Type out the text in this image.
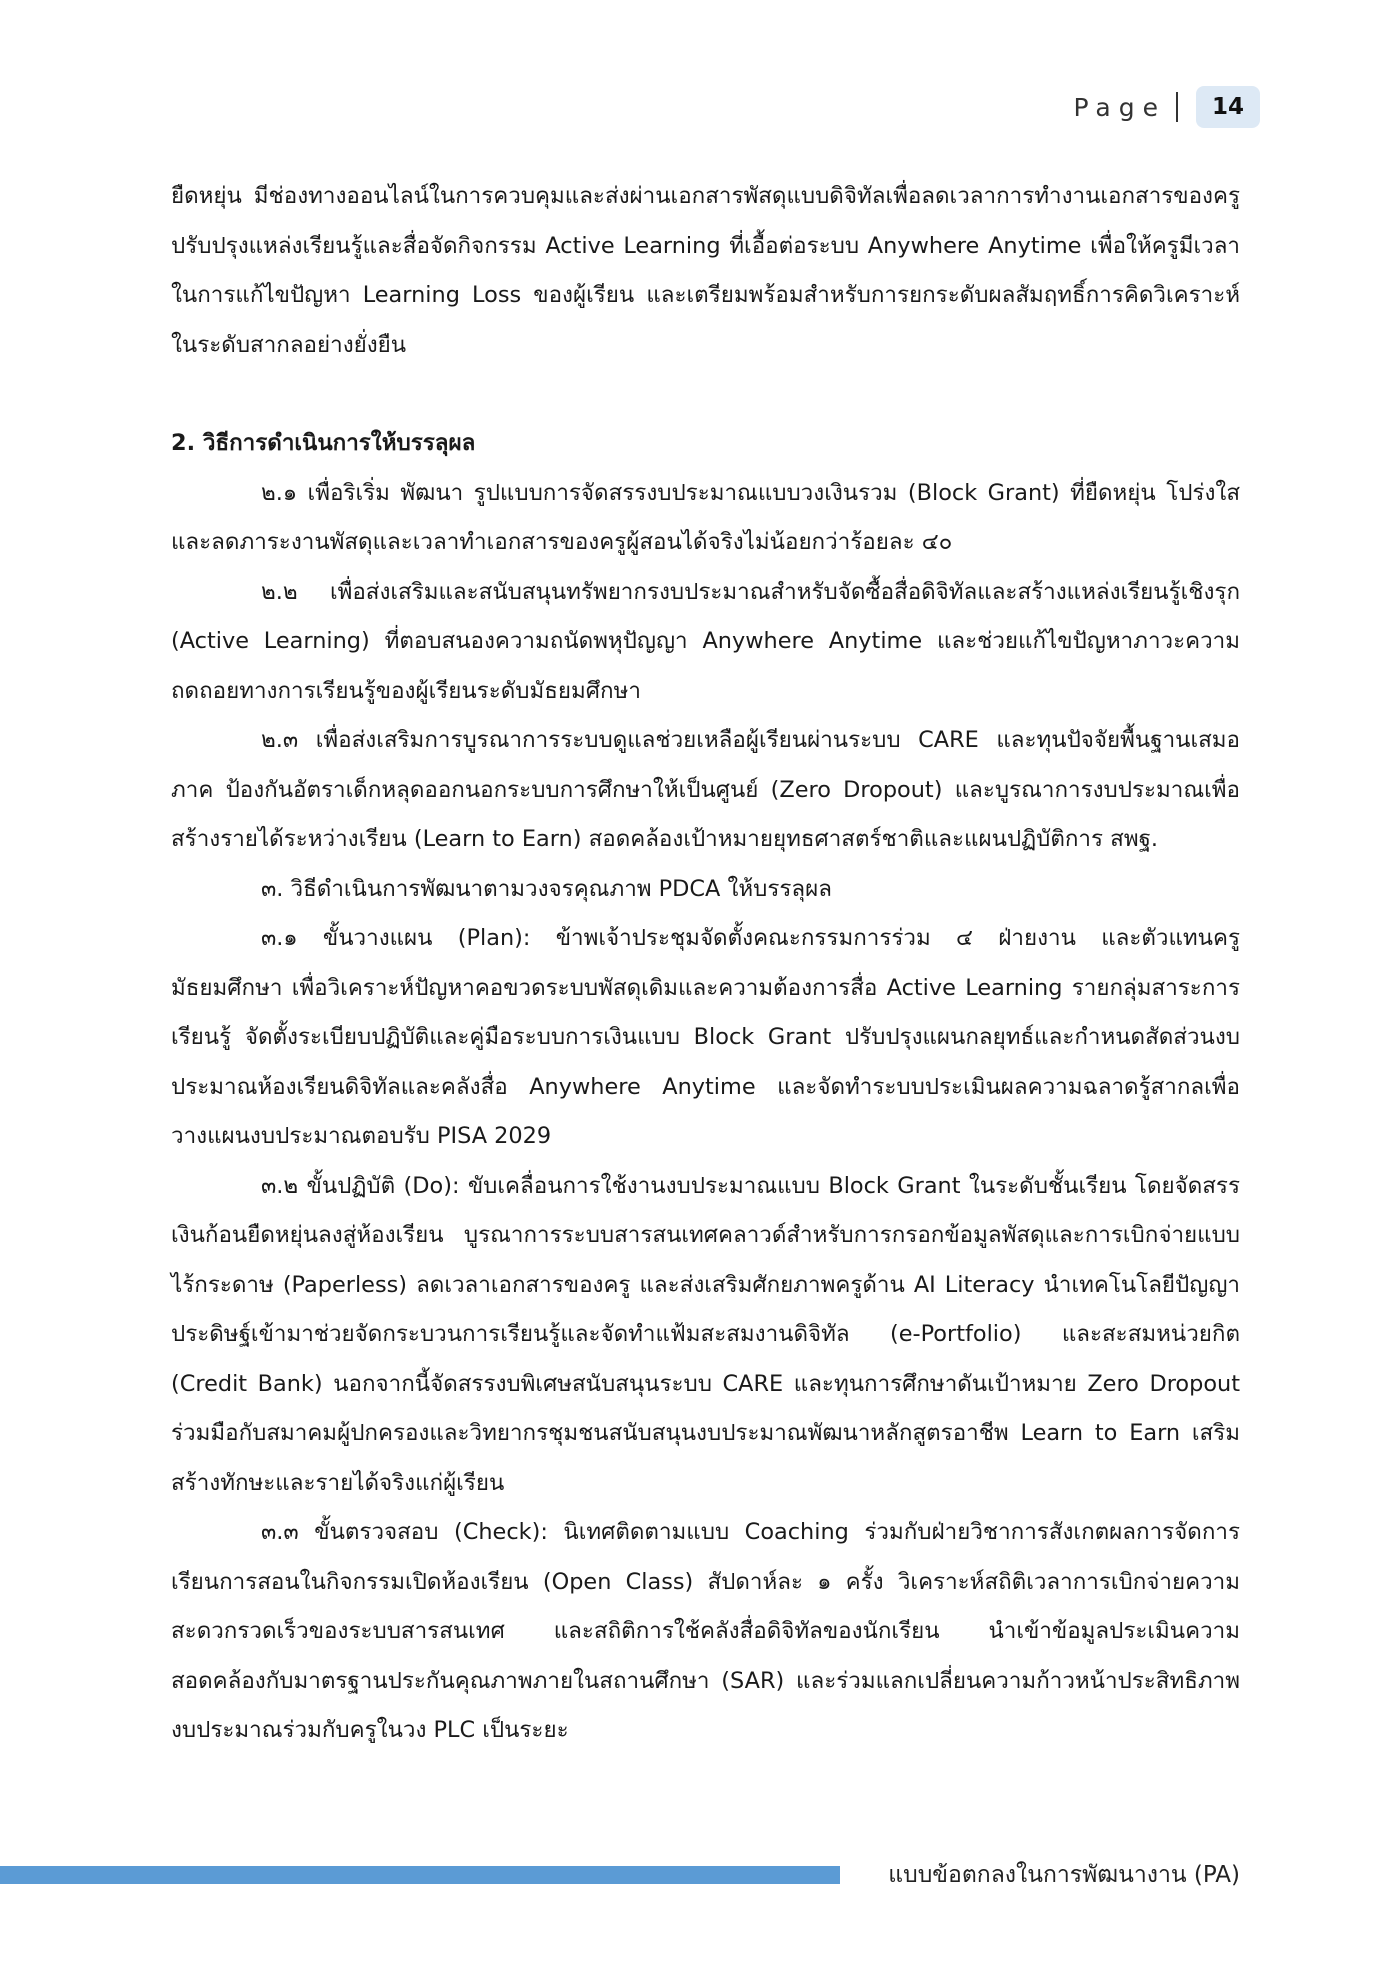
Page	14

ยืดหยุ่น มีช่องทางออนไลน์ในการควบคุมและส่งผ่านเอกสารพัสดุแบบดิจิทัลเพื่อลดเวลาการทำงานเอกสารของครู ปรับปรุงแหล่งเรียนรู้และสื่อจัดกิจกรรม Active Learning ที่เอื้อต่อระบบ Anywhere Anytime เพื่อให้ครูมีเวลาในการแก้ไขปัญหา Learning Loss ของผู้เรียน และเตรียมพร้อมสำหรับการยกระดับผลสัมฤทธิ์การคิดวิเคราะห์ในระดับสากลอย่างยั่งยืน

2. วิธีการดำเนินการให้บรรลุผล

๒.๑ เพื่อริเริ่ม พัฒนา รูปแบบการจัดสรรงบประมาณแบบวงเงินรวม (Block Grant) ที่ยืดหยุ่น โปร่งใส และลดภาระงานพัสดุและเวลาทำเอกสารของครูผู้สอนได้จริงไม่น้อยกว่าร้อยละ ๔๐

๒.๒ เพื่อส่งเสริมและสนับสนุนทรัพยากรงบประมาณสำหรับจัดซื้อสื่อดิจิทัลและสร้างแหล่งเรียนรู้เชิงรุก (Active Learning) ที่ตอบสนองความถนัดพหุปัญญา Anywhere Anytime และช่วยแก้ไขปัญหาภาวะความถดถอยทางการเรียนรู้ของผู้เรียนระดับมัธยมศึกษา

๒.๓ เพื่อส่งเสริมการบูรณาการระบบดูแลช่วยเหลือผู้เรียนผ่านระบบ CARE และทุนปัจจัยพื้นฐานเสมอภาค ป้องกันอัตราเด็กหลุดออกนอกระบบการศึกษาให้เป็นศูนย์ (Zero Dropout) และบูรณาการงบประมาณเพื่อสร้างรายได้ระหว่างเรียน (Learn to Earn) สอดคล้องเป้าหมายยุทธศาสตร์ชาติและแผนปฏิบัติการ สพฐ.

๓. วิธีดำเนินการพัฒนาตามวงจรคุณภาพ PDCA ให้บรรลุผล

๓.๑ ขั้นวางแผน (Plan): ข้าพเจ้าประชุมจัดตั้งคณะกรรมการร่วม ๔ ฝ่ายงาน และตัวแทนครูมัธยมศึกษา เพื่อวิเคราะห์ปัญหาคอขวดระบบพัสดุเดิมและความต้องการสื่อ Active Learning รายกลุ่มสาระการเรียนรู้ จัดตั้งระเบียบปฏิบัติและคู่มือระบบการเงินแบบ Block Grant ปรับปรุงแผนกลยุทธ์และกำหนดสัดส่วนงบประมาณห้องเรียนดิจิทัลและคลังสื่อ Anywhere Anytime และจัดทำระบบประเมินผลความฉลาดรู้สากลเพื่อวางแผนงบประมาณตอบรับ PISA 2029

๓.๒ ขั้นปฏิบัติ (Do): ขับเคลื่อนการใช้งานงบประมาณแบบ Block Grant ในระดับชั้นเรียน โดยจัดสรรเงินก้อนยืดหยุ่นลงสู่ห้องเรียน บูรณาการระบบสารสนเทศคลาวด์สำหรับการกรอกข้อมูลพัสดุและการเบิกจ่ายแบบไร้กระดาษ (Paperless) ลดเวลาเอกสารของครู และส่งเสริมศักยภาพครูด้าน AI Literacy นำเทคโนโลยีปัญญาประดิษฐ์เข้ามาช่วยจัดกระบวนการเรียนรู้และจัดทำแฟ้มสะสมงานดิจิทัล (e-Portfolio) และสะสมหน่วยกิต (Credit Bank) นอกจากนี้จัดสรรงบพิเศษสนับสนุนระบบ CARE และทุนการศึกษาดันเป้าหมาย Zero Dropout ร่วมมือกับสมาคมผู้ปกครองและวิทยากรชุมชนสนับสนุนงบประมาณพัฒนาหลักสูตรอาชีพ Learn to Earn เสริมสร้างทักษะและรายได้จริงแก่ผู้เรียน

๓.๓ ขั้นตรวจสอบ (Check): นิเทศติดตามแบบ Coaching ร่วมกับฝ่ายวิชาการสังเกตผลการจัดการเรียนการสอนในกิจกรรมเปิดห้องเรียน (Open Class) สัปดาห์ละ ๑ ครั้ง วิเคราะห์สถิติเวลาการเบิกจ่ายความสะดวกรวดเร็วของระบบสารสนเทศ และสถิติการใช้คลังสื่อดิจิทัลของนักเรียน นำเข้าข้อมูลประเมินความสอดคล้องกับมาตรฐานประกันคุณภาพภายในสถานศึกษา (SAR) และร่วมแลกเปลี่ยนความก้าวหน้าประสิทธิภาพงบประมาณร่วมกับครูในวง PLC เป็นระยะ

แบบข้อตกลงในการพัฒนางาน (PA)
